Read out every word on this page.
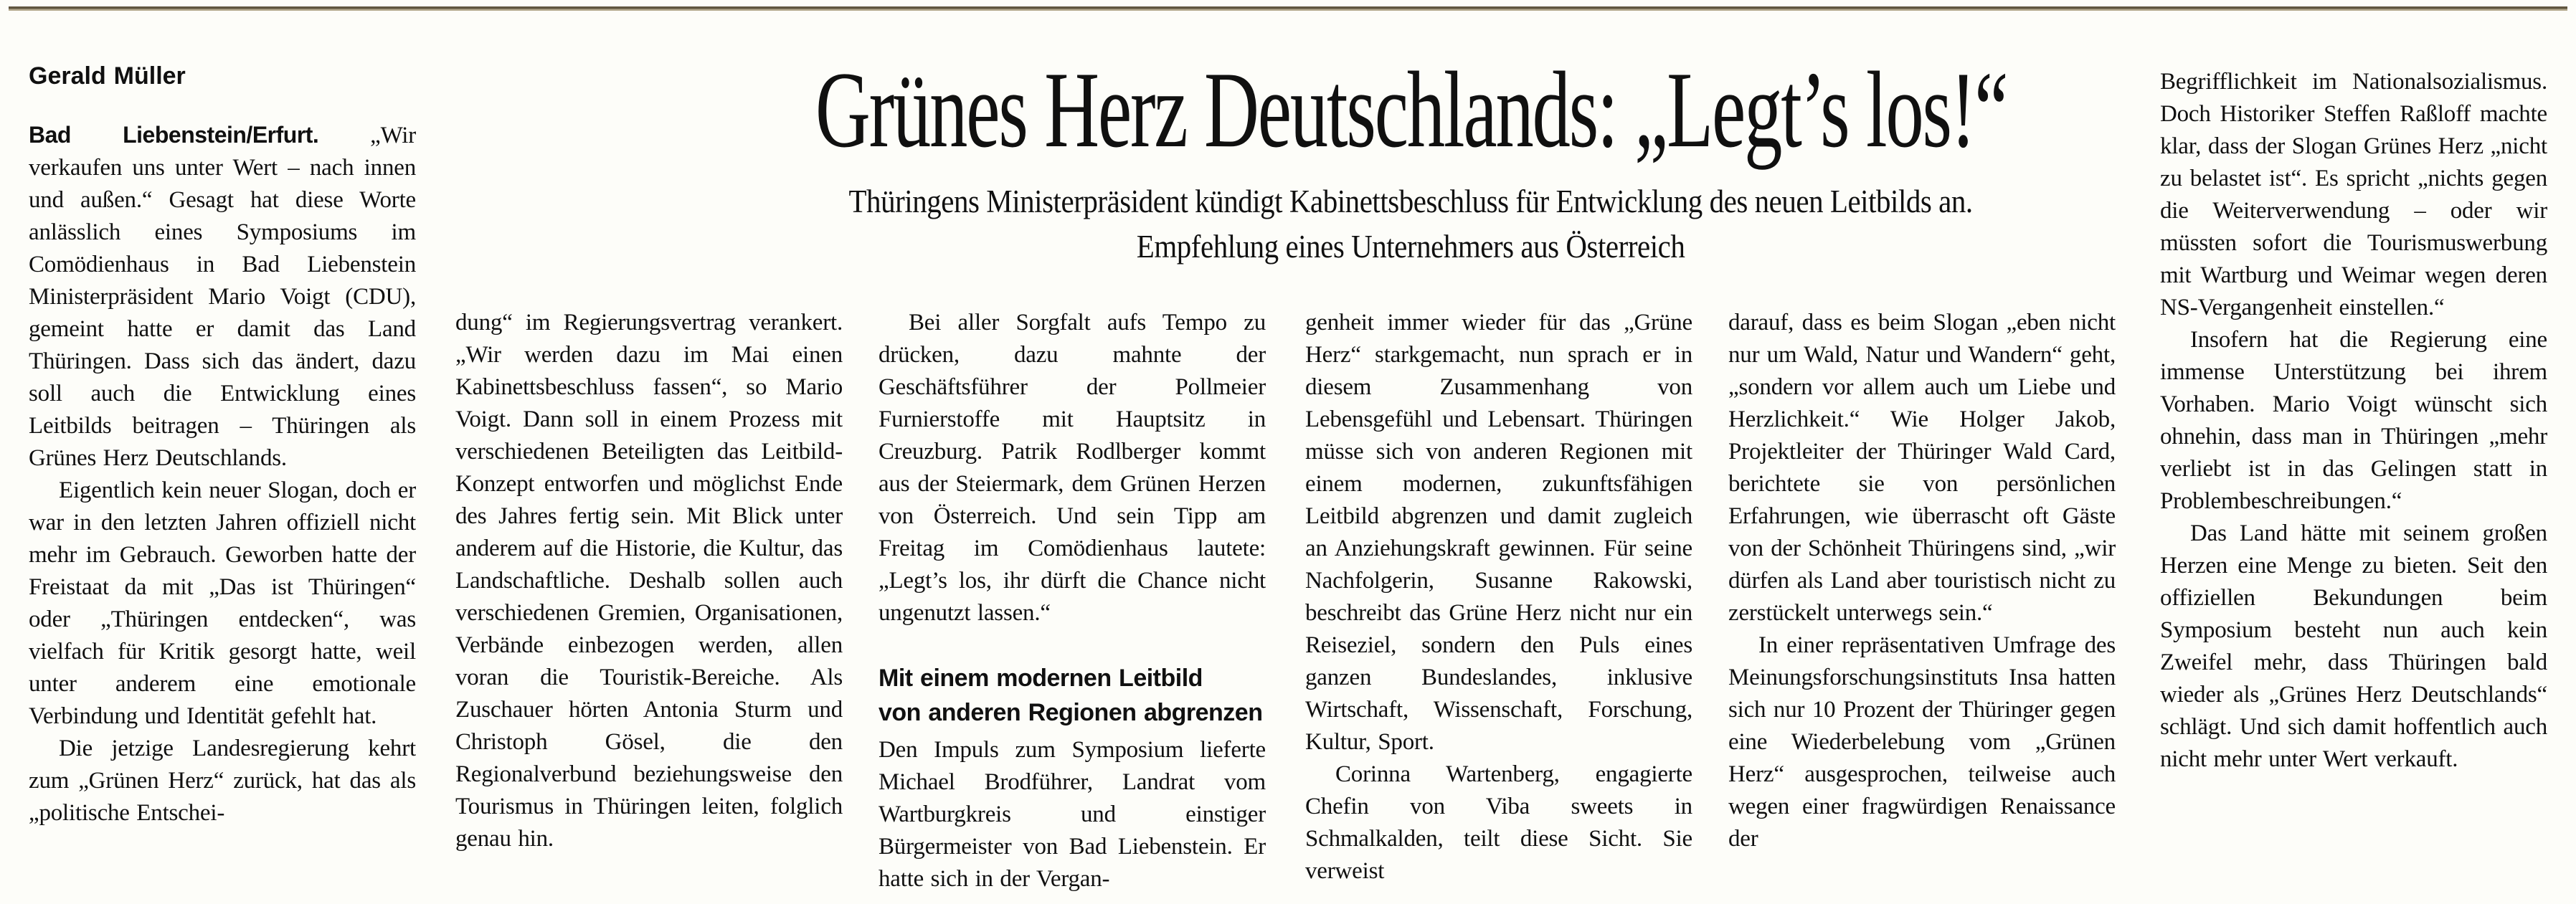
Grünes Herz Deutschlands: „Legt’s los!“
Thüringens Ministerpräsident kündigt Kabinettsbeschluss für Entwicklung des neuen Leitbilds an.
Empfehlung eines Unternehmers aus Österreich
Gerald Müller

Bad Liebenstein/Erfurt. „Wir verkaufen uns unter Wert – nach innen und außen.“ Gesagt hat diese Worte anlässlich eines Symposiums im Comödienhaus in Bad Liebenstein Ministerpräsident Mario Voigt (CDU), gemeint hatte er damit das Land Thüringen. Dass sich das ändert, dazu soll auch die Entwicklung eines Leitbilds beitragen – Thüringen als Grünes Herz Deutschlands.

Eigentlich kein neuer Slogan, doch er war in den letzten Jahren offiziell nicht mehr im Gebrauch. Geworben hatte der Freistaat da mit „Das ist Thüringen“ oder „Thüringen entdecken“, was vielfach für Kritik gesorgt hatte, weil unter anderem eine emotionale Verbindung und Identität gefehlt hat.

Die jetzige Landesregierung kehrt zum „Grünen Herz“ zurück, hat das als „politische Entschei-

dung“ im Regierungsvertrag verankert. „Wir werden dazu im Mai einen Kabinettsbeschluss fassen“, so Mario Voigt. Dann soll in einem Prozess mit verschiedenen Beteiligten das Leitbild-Konzept entworfen und möglichst Ende des Jahres fertig sein. Mit Blick unter anderem auf die Historie, die Kultur, das Landschaftliche. Deshalb sollen auch verschiedenen Gremien, Organisationen, Verbände einbezogen werden, allen voran die Touristik-Bereiche. Als Zuschauer hörten Antonia Sturm und Christoph Gösel, die den Regionalverbund beziehungsweise den Tourismus in Thüringen leiten, folglich genau hin.

Bei aller Sorgfalt aufs Tempo zu drücken, dazu mahnte der Geschäftsführer der Pollmeier Furnierstoffe mit Hauptsitz in Creuzburg. Patrik Rodlberger kommt aus der Steiermark, dem Grünen Herzen von Österreich. Und sein Tipp am Freitag im Comödienhaus lautete: „Legt’s los, ihr dürft die Chance nicht ungenutzt lassen.“

Mit einem modernen Leitbild
von anderen Regionen abgrenzen

Den Impuls zum Symposium lieferte Michael Brodführer, Landrat vom Wartburgkreis und einstiger Bürgermeister von Bad Liebenstein. Er hatte sich in der Vergan-

genheit immer wieder für das „Grüne Herz“ starkgemacht, nun sprach er in diesem Zusammenhang von Lebensgefühl und Lebensart. Thüringen müsse sich von anderen Regionen mit einem modernen, zukunftsfähigen Leitbild abgrenzen und damit zugleich an Anziehungskraft gewinnen. Für seine Nachfolgerin, Susanne Rakowski, beschreibt das Grüne Herz nicht nur ein Reiseziel, sondern den Puls eines ganzen Bundeslandes, inklusive Wirtschaft, Wissenschaft, Forschung, Kultur, Sport.

Corinna Wartenberg, engagierte Chefin von Viba sweets in Schmalkalden, teilt diese Sicht. Sie verweist

darauf, dass es beim Slogan „eben nicht nur um Wald, Natur und Wandern“ geht, „sondern vor allem auch um Liebe und Herzlichkeit.“ Wie Holger Jakob, Projektleiter der Thüringer Wald Card, berichtete sie von persönlichen Erfahrungen, wie überrascht oft Gäste von der Schönheit Thüringens sind, „wir dürfen als Land aber touristisch nicht zu zerstückelt unterwegs sein.“

In einer repräsentativen Umfrage des Meinungsforschungsinstituts Insa hatten sich nur 10 Prozent der Thüringer gegen eine Wiederbelebung vom „Grünen Herz“ ausgesprochen, teilweise auch wegen einer fragwürdigen Renaissance der

Begrifflichkeit im Nationalsozialismus. Doch Historiker Steffen Raßloff machte klar, dass der Slogan Grünes Herz „nicht zu belastet ist“. Es spricht „nichts gegen die Weiterverwendung – oder wir müssten sofort die Tourismuswerbung mit Wartburg und Weimar wegen deren NS-Vergangenheit einstellen.“

Insofern hat die Regierung eine immense Unterstützung bei ihrem Vorhaben. Mario Voigt wünscht sich ohnehin, dass man in Thüringen „mehr verliebt ist in das Gelingen statt in Problembeschreibungen.“

Das Land hätte mit seinem großen Herzen eine Menge zu bieten. Seit den offiziellen Bekundungen beim Symposium besteht nun auch kein Zweifel mehr, dass Thüringen bald wieder als „Grünes Herz Deutschlands“ schlägt. Und sich damit hoffentlich auch nicht mehr unter Wert verkauft.
